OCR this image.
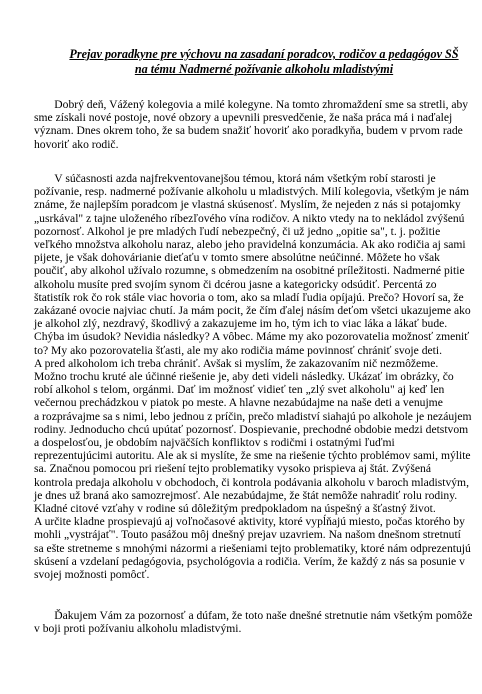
Prejav poradkyne pre výchovu na zasadaní poradcov, rodičov a pedagógov SŠ
na tému Nadmerné požívanie alkoholu mladistvými
Dobrý deň, Vážený kolegovia a milé kolegyne. Na tomto zhromaždení sme sa stretli, aby
sme získali nové postoje, nové obzory a upevnili presvedčenie, že naša práca má i naďalej
význam. Dnes okrem toho, že sa budem snažiť hovoriť ako poradkyňa, budem v prvom rade
hovoriť ako rodič.
V súčasnosti azda najfrekventovanejšou témou, ktorá nám všetkým robí starosti je
požívanie, resp. nadmerné požívanie alkoholu u mladistvých. Milí kolegovia, všetkým je nám
známe, že najlepším poradcom je vlastná skúsenosť. Myslím, že nejeden z nás si potajomky
„usrkával" z tajne uloženého ríbezľového vína rodičov. A nikto vtedy na to nekládol zvýšenú
pozornosť. Alkohol je pre mladých ľudí nebezpečný, či už jedno „opitie sa", t. j. požitie
veľkého množstva alkoholu naraz, alebo jeho pravidelná konzumácia. Ak ako rodičia aj sami
pijete, je však dohovárianie dieťaťu v tomto smere absolútne neúčinné. Môžete ho však
poučiť, aby alkohol užívalo rozumne, s obmedzením na osobitné príležitosti. Nadmerné pitie
alkoholu musíte pred svojím synom či dcérou jasne a kategoricky odsúdiť. Percentá zo
štatistík rok čo rok stále viac hovoria o tom, ako sa mladí ľudia opíjajú. Prečo? Hovorí sa, že
zakázané ovocie najviac chutí. Ja mám pocit, že čím ďalej násím deťom všetci ukazujeme ako
je alkohol zlý, nezdravý, škodlivý a zakazujeme im ho, tým ich to viac láka a lákať bude.
Chýba im úsudok? Nevidia následky? A vôbec. Máme my ako pozorovatelia možnosť zmeniť
to? My ako pozorovatelia šťasti, ale my ako rodičia máme povinnosť chrániť svoje deti.
A pred alkoholom ich treba chrániť. Avšak si myslím, že zakazovaním nič nezmôžeme.
Možno trochu kruté ale účinné riešenie je, aby deti videli následky. Ukázať im obrázky, čo
robí alkohol s telom, orgánmi. Dať im možnosť vidieť ten „zlý svet alkoholu" aj keď len
večernou prechádzkou v piatok po meste. A hlavne nezabúdajme na naše deti a venujme
a rozprávajme sa s nimi, lebo jednou z príčin, prečo mladiství siahajú po alkohole je nezáujem
rodiny. Jednoducho chcú upútať pozornosť. Dospievanie, prechodné obdobie medzi detstvom
a dospelosťou, je obdobím najväčších konfliktov s rodičmi i ostatnými ľuďmi
reprezentujúcimi autoritu. Ale ak si myslíte, že sme na riešenie týchto problémov sami, mýlite
sa. Značnou pomocou pri riešení tejto problematiky vysoko prispieva aj štát. Zvýšená
kontrola predaja alkoholu v obchodoch, či kontrola podávania alkoholu v baroch mladistvým,
je dnes už braná ako samozrejmosť. Ale nezabúdajme, že štát nemôže nahradiť rolu rodiny.
Kladné citové vzťahy v rodine sú dôležitým predpokladom na úspešný a šťastný život.
A určite kladne prospievajú aj voľnočasové aktivity, ktoré vypĺňajú miesto, počas ktorého by
mohli „vystrájať". Touto pasážou môj dnešný prejav uzavriem. Na našom dnešnom stretnutí
sa ešte stretneme s mnohými názormi a riešeniami tejto problematiky, ktoré nám odprezentujú
skúsení a vzdelaní pedagógovia, psychológovia a rodičia. Verím, že každý z nás sa posunie v
svojej možnosti pomôcť.
Ďakujem Vám za pozornosť a dúfam, že toto naše dnešné stretnutie nám všetkým pomôže
v boji proti požívaniu alkoholu mladistvými.
